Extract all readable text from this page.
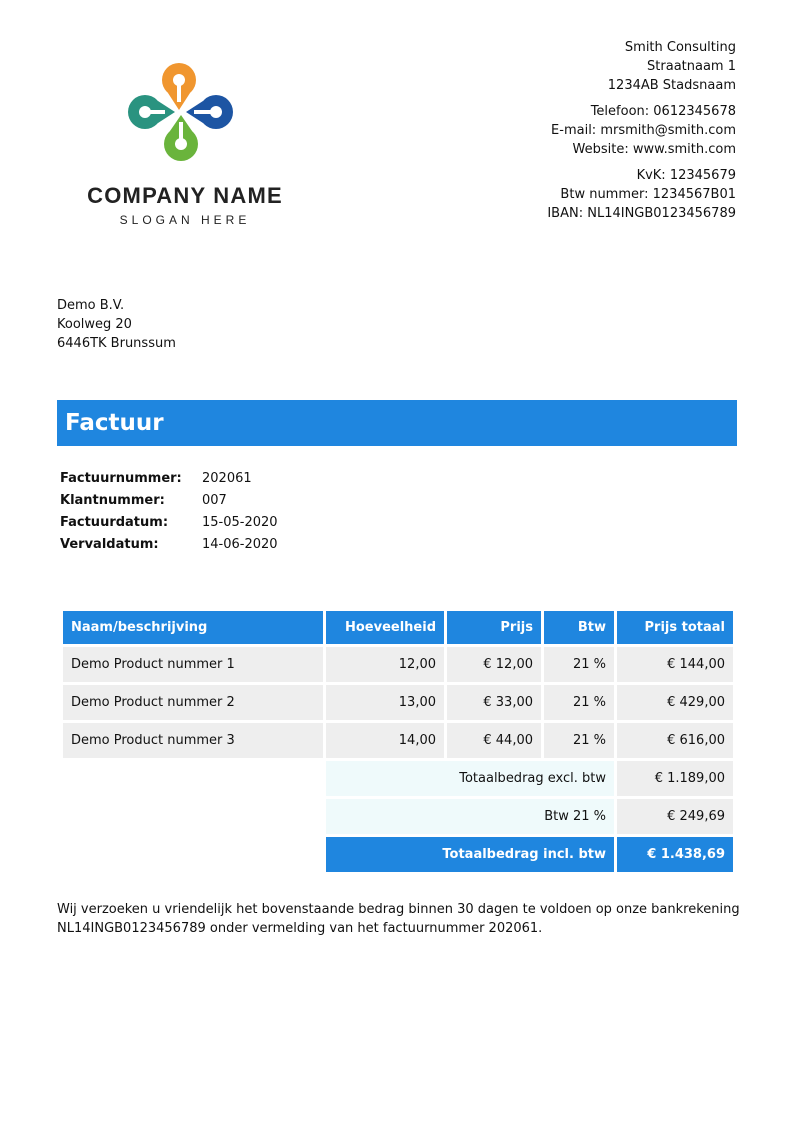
COMPANY NAME
SLOGAN HERE
Smith Consulting
Straatnaam 1
1234AB Stadsnaam
Telefoon: 0612345678
E-mail: mrsmith@smith.com
Website: www.smith.com
KvK: 12345679
Btw nummer: 1234567B01
IBAN: NL14INGB0123456789
Demo B.V.
Koolweg 20
6446TK Brunssum
Factuur
Factuurnummer:	202061
Klantnummer:	007
Factuurdatum:	15-05-2020
Vervaldatum:	14-06-2020
Naam/beschrijving	Hoeveelheid	Prijs	Btw	Prijs totaal
Demo Product nummer 1	12,00	€ 12,00	21 %	€ 144,00
Demo Product nummer 2	13,00	€ 33,00	21 %	€ 429,00
Demo Product nummer 3	14,00	€ 44,00	21 %	€ 616,00
	Totaalbedrag excl. btw			€ 1.189,00
	Btw 21 %			€ 249,69
	Totaalbedrag incl. btw			€ 1.438,69
Wij verzoeken u vriendelijk het bovenstaande bedrag binnen 30 dagen te voldoen op onze bankrekening
NL14INGB0123456789 onder vermelding van het factuurnummer 202061.
